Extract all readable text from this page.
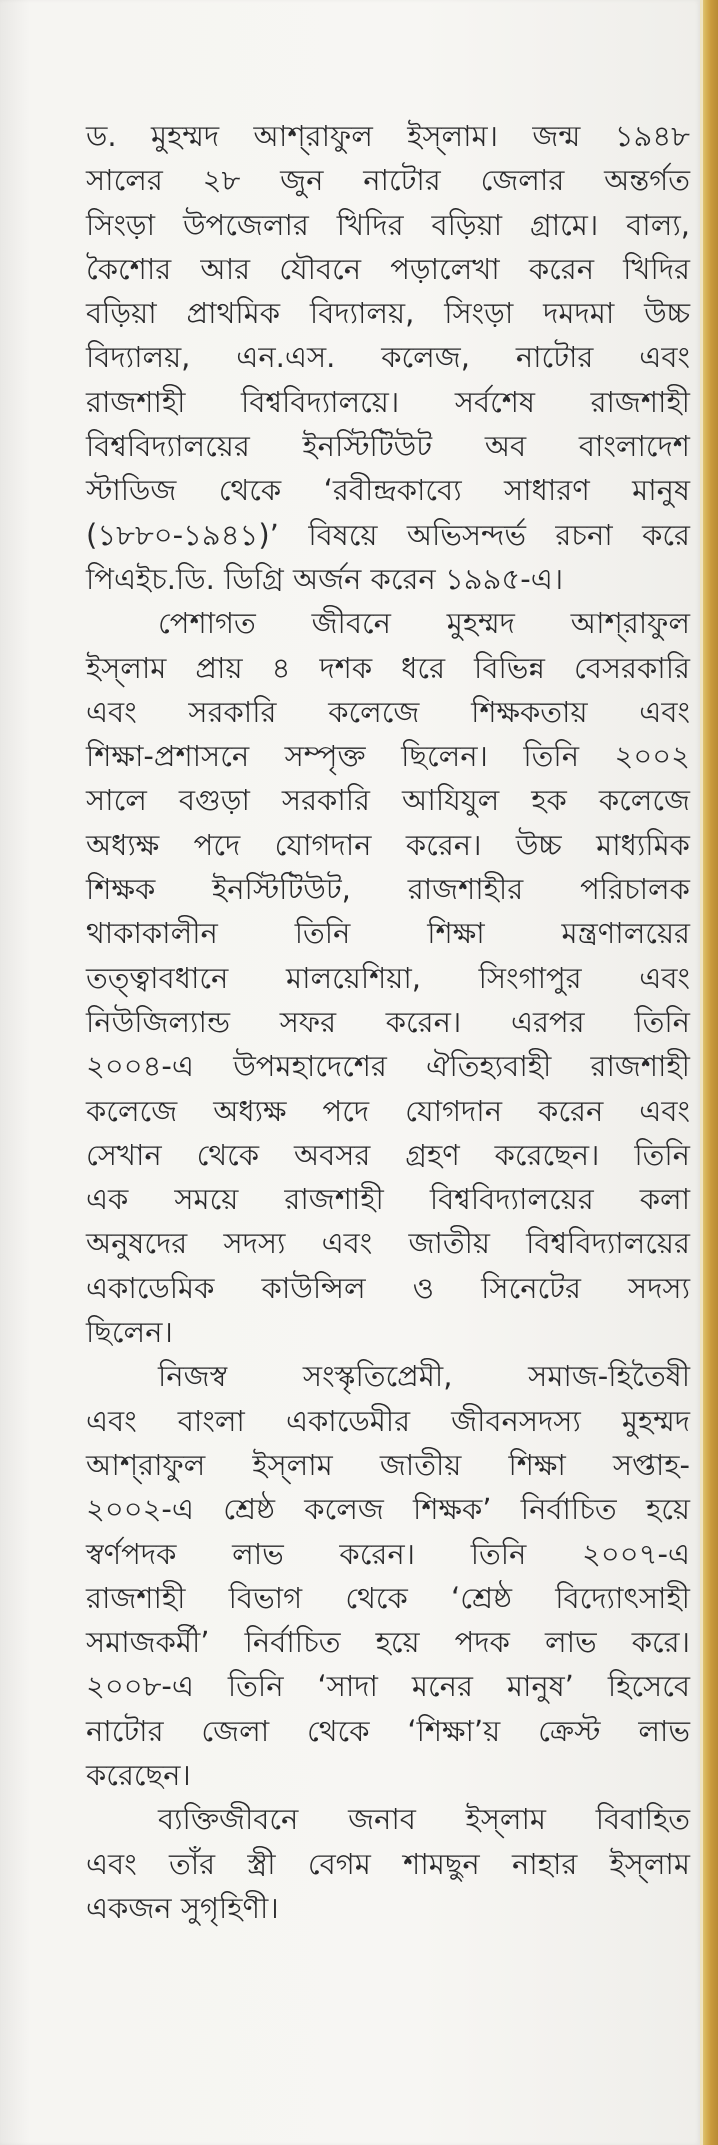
ড. মুহম্মদ আশ্‌রাফুল ইস্‌লাম। জন্ম ১৯৪৮
সালের ২৮ জুন নাটোর জেলার অন্তর্গত
সিংড়া উপজেলার খিদির বড়িয়া গ্রামে। বাল্য,
কৈশোর আর যৌবনে পড়ালেখা করেন খিদির
বড়িয়া প্রাথমিক বিদ্যালয়, সিংড়া দমদমা উচ্চ
বিদ্যালয়, এন.এস. কলেজ, নাটোর এবং
রাজশাহী বিশ্ববিদ্যালয়ে। সর্বশেষ রাজশাহী
বিশ্ববিদ্যালয়ের ইনস্টিটিউট অব বাংলাদেশ
স্টাডিজ থেকে ‘রবীন্দ্রকাব্যে সাধারণ মানুষ
(১৮৮০-১৯৪১)’ বিষয়ে অভিসন্দর্ভ রচনা করে
পিএইচ.ডি. ডিগ্রি অর্জন করেন ১৯৯৫-এ।
পেশাগত জীবনে মুহম্মদ আশ্‌রাফুল
ইস্‌লাম প্রায় ৪ দশক ধরে বিভিন্ন বেসরকারি
এবং সরকারি কলেজে শিক্ষকতায় এবং
শিক্ষা-প্রশাসনে সম্পৃক্ত ছিলেন। তিনি ২০০২
সালে বগুড়া সরকারি আযিযুল হক কলেজে
অধ্যক্ষ পদে যোগদান করেন। উচ্চ মাধ্যমিক
শিক্ষক ইনস্টিটিউট, রাজশাহীর পরিচালক
থাকাকালীন	তিনি	শিক্ষা	মন্ত্রণালয়ের
তত্ত্বাবধানে মালয়েশিয়া, সিংগাপুর এবং
নিউজিল্যান্ড সফর করেন। এরপর তিনি
২০০৪-এ উপমহাদেশের ঐতিহ্যবাহী রাজশাহী
কলেজে অধ্যক্ষ পদে যোগদান করেন এবং
সেখান থেকে অবসর গ্রহণ করেছেন। তিনি
এক সময়ে রাজশাহী বিশ্ববিদ্যালয়ের কলা
অনুষদের সদস্য এবং জাতীয় বিশ্ববিদ্যালয়ের
একাডেমিক কাউন্সিল ও সিনেটের সদস্য
ছিলেন।
নিজস্ব	সংস্কৃতিপ্রেমী,	সমাজ-হিতৈষী
এবং বাংলা একাডেমীর জীবনসদস্য মুহম্মদ
আশ্‌রাফুল ইস্‌লাম জাতীয় শিক্ষা সপ্তাহ-
২০০২-এ শ্রেষ্ঠ কলেজ শিক্ষক’ নির্বাচিত হয়ে
স্বর্ণপদক লাভ করেন। তিনি ২০০৭-এ
রাজশাহী বিভাগ থেকে ‘শ্রেষ্ঠ বিদ্যোৎসাহী
সমাজকর্মী’ নির্বাচিত হয়ে পদক লাভ করে।
২০০৮-এ তিনি ‘সাদা মনের মানুষ’ হিসেবে
নাটোর জেলা থেকে ‘শিক্ষা’য় ক্রেস্ট লাভ
করেছেন।
ব্যক্তিজীবনে জনাব ইস্‌লাম বিবাহিত
এবং তাঁর স্ত্রী বেগম শামছুন নাহার ইস্‌লাম
একজন সুগৃহিণী।
